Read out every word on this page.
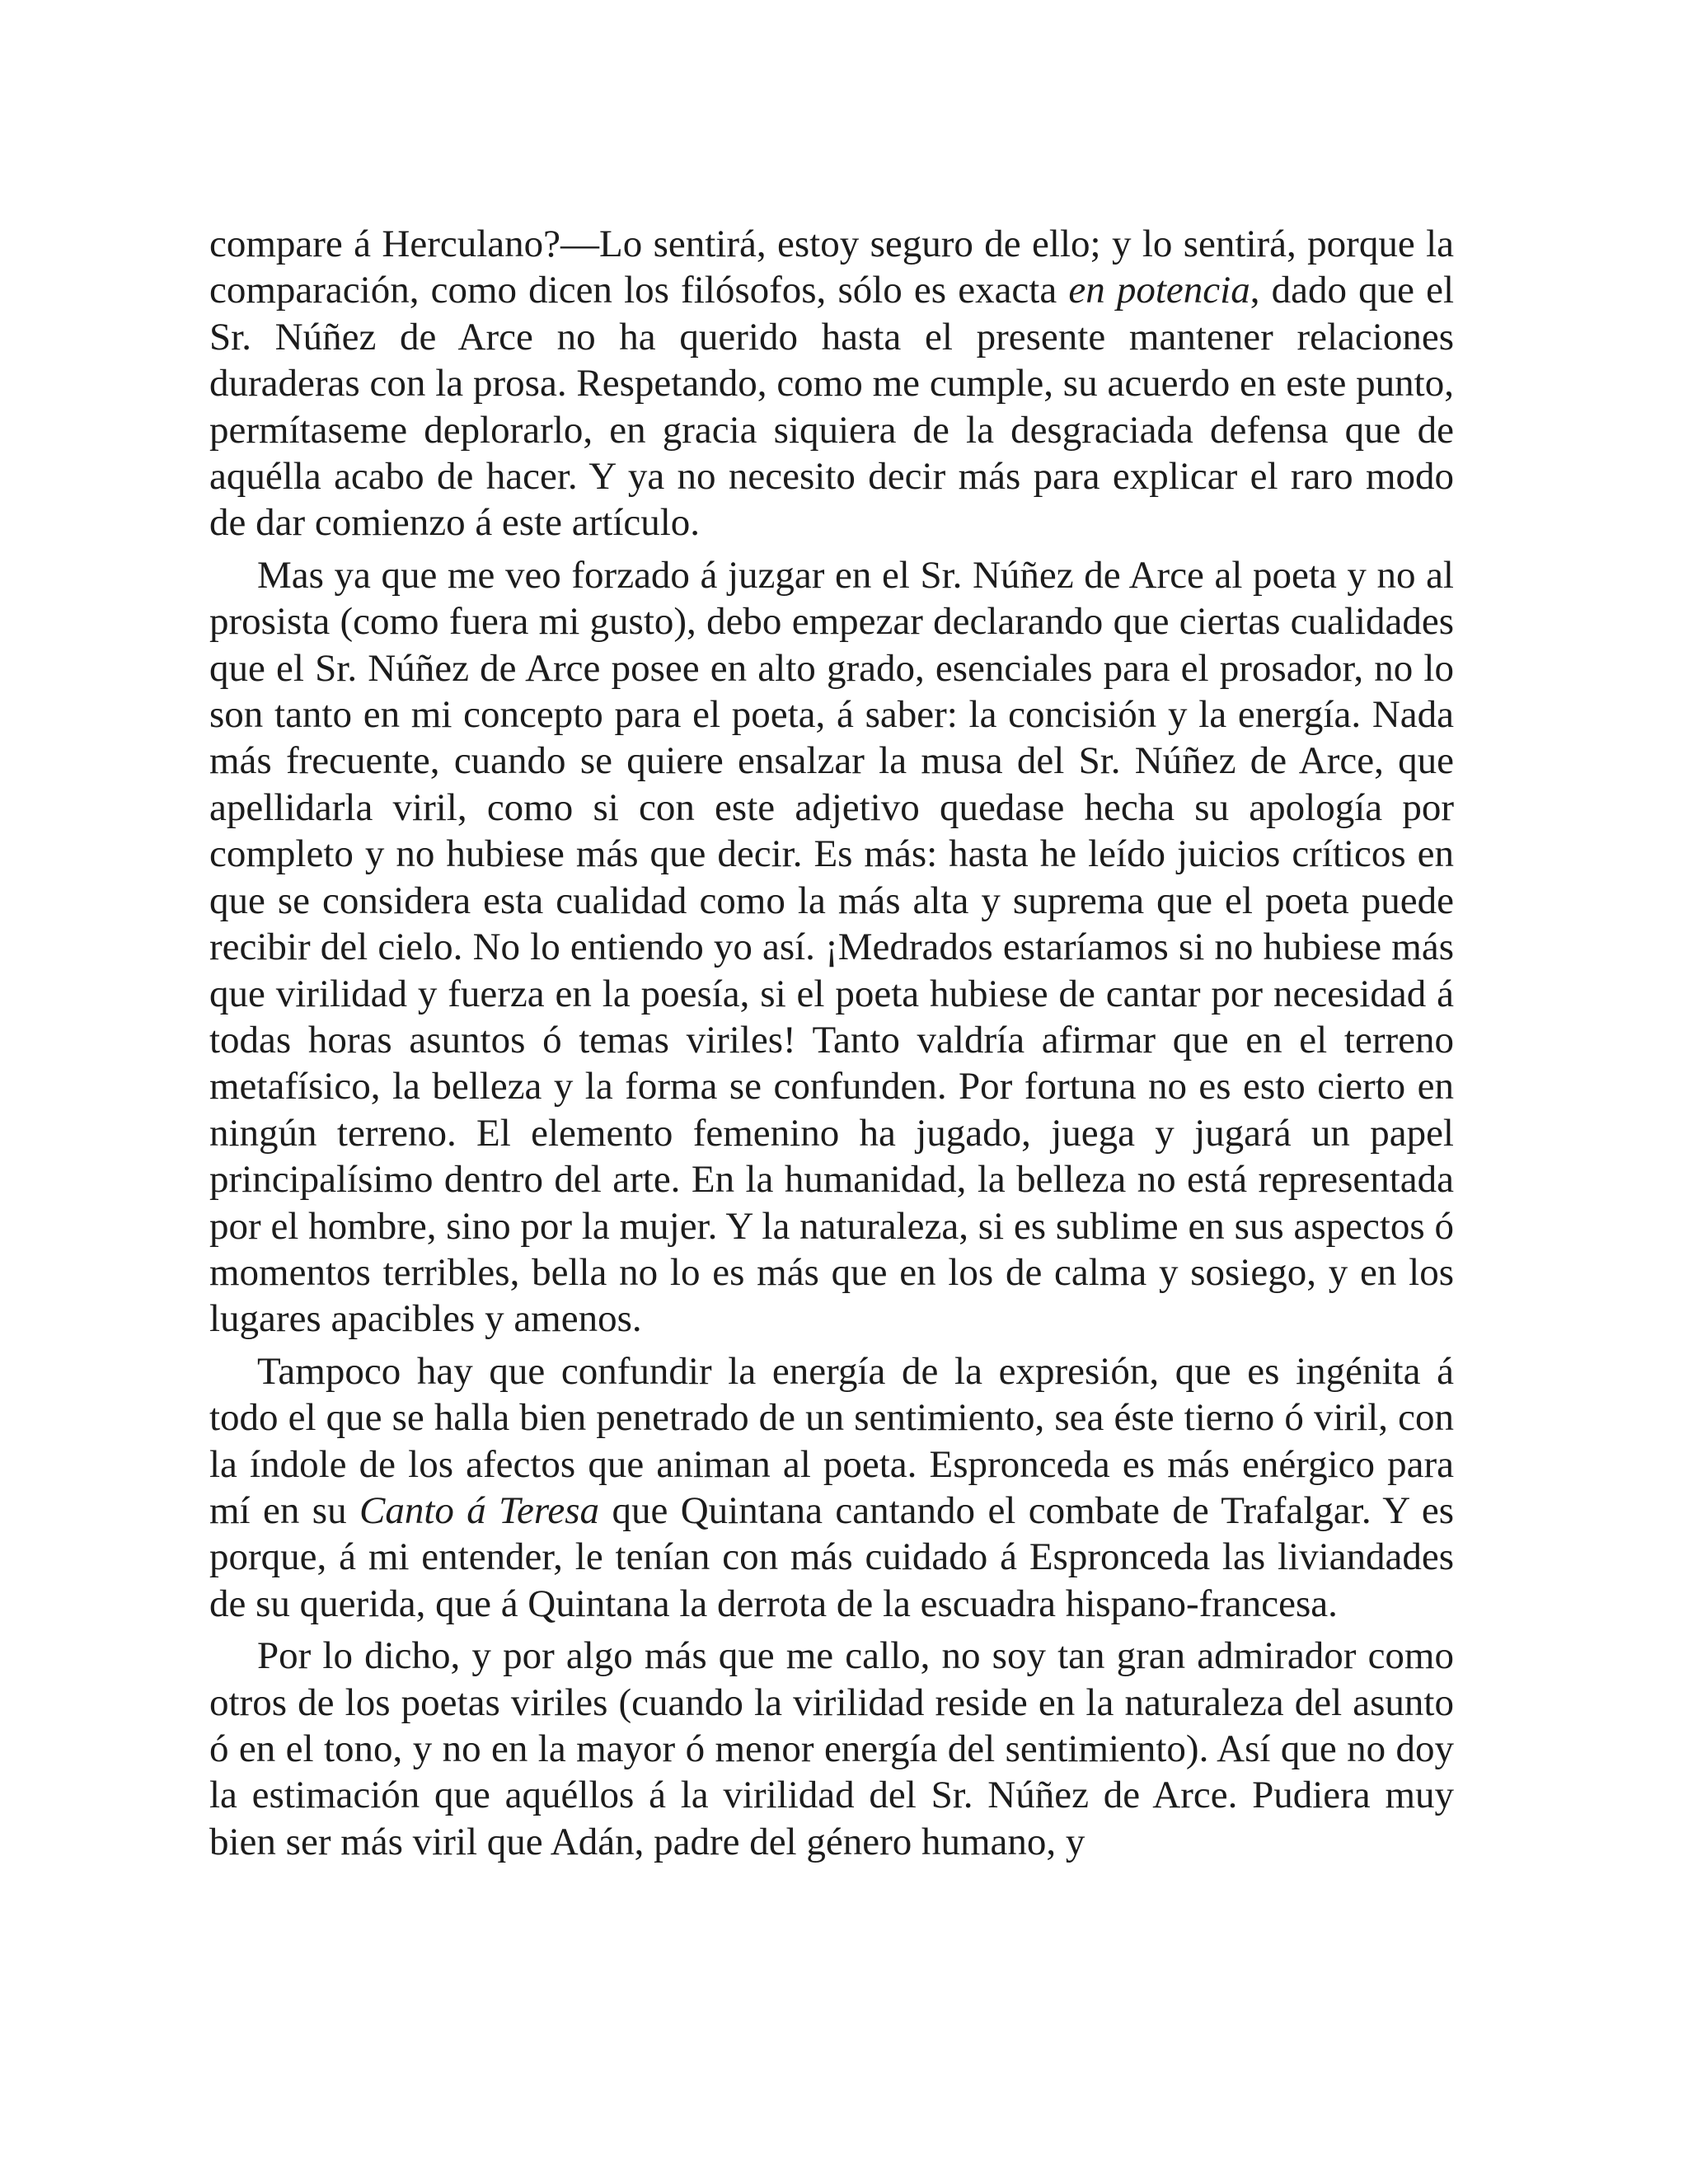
compare á Herculano?—Lo sentirá, estoy seguro de ello; y lo sentirá, porque la comparación, como dicen los filósofos, sólo es exacta en potencia, dado que el Sr. Núñez de Arce no ha querido hasta el presente mantener relaciones duraderas con la prosa. Respetando, como me cumple, su acuerdo en este punto, permítaseme deplorarlo, en gracia siquiera de la desgraciada defensa que de aquélla acabo de hacer. Y ya no necesito decir más para explicar el raro modo de dar comienzo á este artículo.

Mas ya que me veo forzado á juzgar en el Sr. Núñez de Arce al poeta y no al prosista (como fuera mi gusto), debo empezar declarando que ciertas cualidades que el Sr. Núñez de Arce posee en alto grado, esenciales para el prosador, no lo son tanto en mi concepto para el poeta, á saber: la concisión y la energía. Nada más frecuente, cuando se quiere ensalzar la musa del Sr. Núñez de Arce, que apellidarla viril, como si con este adjetivo quedase hecha su apología por completo y no hubiese más que decir. Es más: hasta he leído juicios críticos en que se considera esta cualidad como la más alta y suprema que el poeta puede recibir del cielo. No lo entiendo yo así. ¡Medrados estaríamos si no hubiese más que virilidad y fuerza en la poesía, si el poeta hubiese de cantar por necesidad á todas horas asuntos ó temas viriles! Tanto valdría afirmar que en el terreno metafísico, la belleza y la forma se confunden. Por fortuna no es esto cierto en ningún terreno. El elemento femenino ha jugado, juega y jugará un papel principalísimo dentro del arte. En la humanidad, la belleza no está representada por el hombre, sino por la mujer. Y la naturaleza, si es sublime en sus aspectos ó momentos terribles, bella no lo es más que en los de calma y sosiego, y en los lugares apacibles y amenos.

Tampoco hay que confundir la energía de la expresión, que es ingénita á todo el que se halla bien penetrado de un sentimiento, sea éste tierno ó viril, con la índole de los afectos que animan al poeta. Espronceda es más enérgico para mí en su Canto á Teresa que Quintana cantando el combate de Trafalgar. Y es porque, á mi entender, le tenían con más cuidado á Espronceda las liviandades de su querida, que á Quintana la derrota de la escuadra hispano-francesa.

Por lo dicho, y por algo más que me callo, no soy tan gran admirador como otros de los poetas viriles (cuando la virilidad reside en la naturaleza del asunto ó en el tono, y no en la mayor ó menor energía del sentimiento). Así que no doy la estimación que aquéllos á la virilidad del Sr. Núñez de Arce. Pudiera muy bien ser más viril que Adán, padre del género humano, y
